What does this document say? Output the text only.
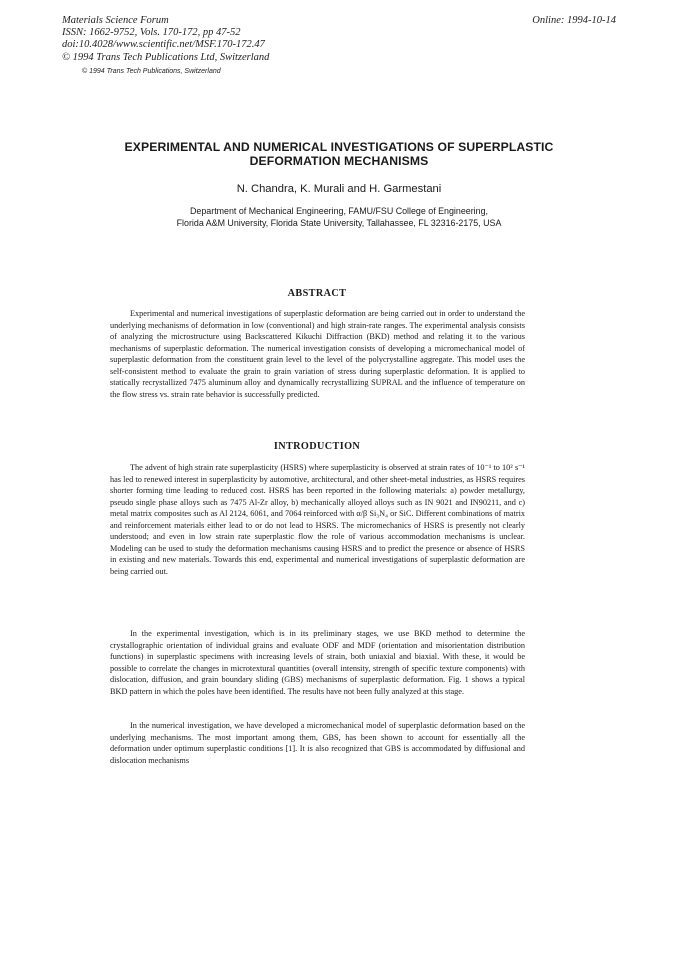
Materials Science Forum
ISSN: 1662-9752, Vols. 170-172, pp 47-52
doi:10.4028/www.scientific.net/MSF.170-172.47
© 1994 Trans Tech Publications Ltd, Switzerland
Online: 1994-10-14
© 1994 Trans Tech Publications, Switzerland
EXPERIMENTAL AND NUMERICAL INVESTIGATIONS OF SUPERPLASTIC DEFORMATION MECHANISMS
N. Chandra, K. Murali and H. Garmestani
Department of Mechanical Engineering, FAMU/FSU College of Engineering,
Florida A&M University, Florida State University, Tallahassee, FL 32316-2175, USA
ABSTRACT

Experimental and numerical investigations of superplastic deformation are being carried out in order to understand the underlying mechanisms of deformation in low (conventional) and high strain-rate ranges. The experimental analysis consists of analyzing the microstructure using Backscattered Kikuchi Diffraction (BKD) method and relating it to the various mechanisms of superplastic deformation. The numerical investigation consists of developing a micromechanical model of superplastic deformation from the constituent grain level to the level of the polycrystalline aggregate. This model uses the self-consistent method to evaluate the grain to grain variation of stress during superplastic deformation. It is applied to statically recrystallized 7475 aluminum alloy and dynamically recrystallizing SUPRAL and the influence of temperature on the flow stress vs. strain rate behavior is successfully predicted.

INTRODUCTION

The advent of high strain rate superplasticity (HSRS) where superplasticity is observed at strain rates of 10⁻¹ to 10² s⁻¹ has led to renewed interest in superplasticity by automotive, architectural, and other sheet-metal industries, as HSRS requires shorter forming time leading to reduced cost. HSRS has been reported in the following materials: a) powder metallurgy, pseudo single phase alloys such as 7475 Al-Zr alloy, b) mechanically alloyed alloys such as IN 9021 and IN90211, and c) metal matrix composites such as Al 2124, 6061, and 7064 reinforced with α/β Si₃N₄ or SiC. Different combinations of matrix and reinforcement materials either lead to or do not lead to HSRS. The micromechanics of HSRS is presently not clearly understood; and even in low strain rate superplastic flow the role of various accommodation mechanisms is unclear. Modeling can be used to study the deformation mechanisms causing HSRS and to predict the presence or absence of HSRS in existing and new materials. Towards this end, experimental and numerical investigations of superplastic deformation are being carried out.

In the experimental investigation, which is in its preliminary stages, we use BKD method to determine the crystallographic orientation of individual grains and evaluate ODF and MDF (orientation and misorientation distribution functions) in superplastic specimens with increasing levels of strain, both uniaxial and biaxial. With these, it would be possible to correlate the changes in microtextural quantities (overall intensity, strength of specific texture components) with dislocation, diffusion, and grain boundary sliding (GBS) mechanisms of superplastic deformation. Fig. 1 shows a typical BKD pattern in which the poles have been identified. The results have not been fully analyzed at this stage.

In the numerical investigation, we have developed a micromechanical model of superplastic deformation based on the underlying mechanisms. The most important among them, GBS, has been shown to account for essentially all the deformation under optimum superplastic conditions [1]. It is also recognized that GBS is accommodated by diffusional and dislocation mechanisms
